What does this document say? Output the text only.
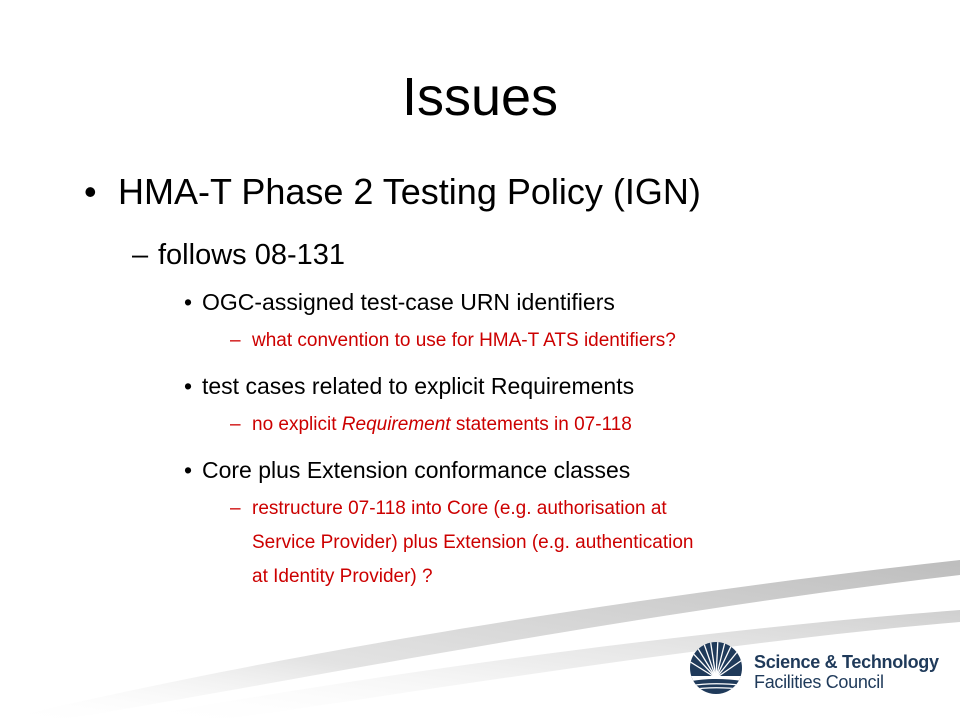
Issues
• HMA-T Phase 2 Testing Policy (IGN)
– follows 08-131
• OGC-assigned test-case URN identifiers
– what convention to use for HMA-T ATS identifiers?
• test cases related to explicit Requirements
– no explicit Requirement statements in 07-118
• Core plus Extension conformance classes
– restructure 07-118 into Core (e.g. authorisation at
Service Provider) plus Extension (e.g. authentication
at Identity Provider) ?
Science & Technology
Facilities Council
